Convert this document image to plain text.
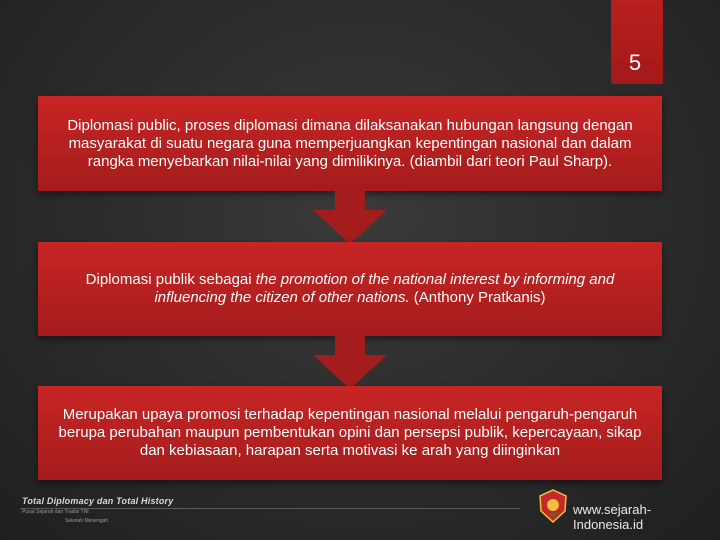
5
Diplomasi public, proses diplomasi dimana dilaksanakan hubungan langsung dengan masyarakat di suatu negara guna memperjuangkan kepentingan nasional dan dalam rangka menyebarkan nilai-nilai yang dimilikinya. (diambil dari teori Paul Sharp).
Diplomasi publik sebagai the promotion of the national interest by informing and influencing the citizen of other nations. (Anthony Pratkanis)
Merupakan upaya promosi terhadap kepentingan nasional melalui pengaruh-pengaruh berupa perubahan maupun pembentukan opini dan persepsi publik, kepercayaan, sikap dan kebiasaan, harapan serta motivasi ke arah yang diinginkan
Total Diplomacy dan Total History
Pusat Sejarah dan Tradisi TNI
Sekolah Menengah
www.sejarah-Indonesia.id
